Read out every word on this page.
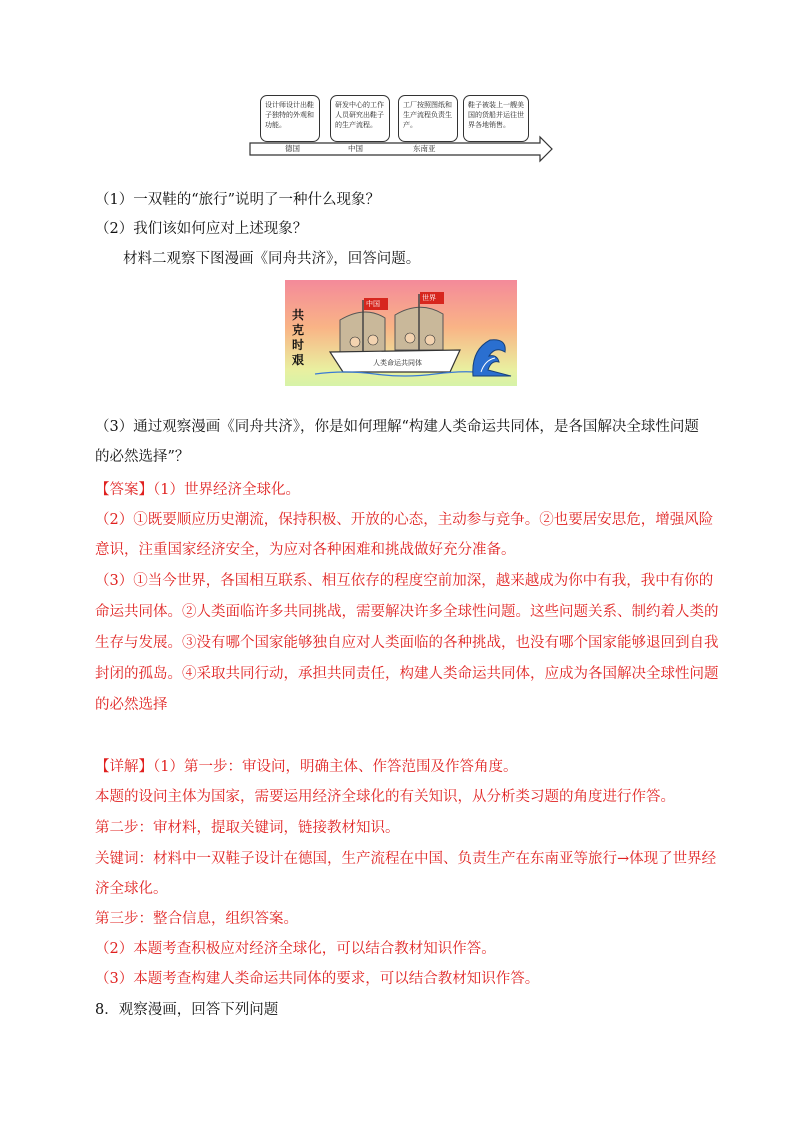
设计师设计出鞋子独特的外观和功能。
研发中心的工作人员研究出鞋子的生产流程。
工厂按照图纸和生产流程负责生产。
鞋子被装上一艘美国的货船并运往世界各地销售。
德国	中国	东南亚
（1）一双鞋的“旅行”说明了一种什么现象？
（2）我们该如何应对上述现象？
材料二观察下图漫画《同舟共济》，回答问题。
共
克
时
艰
中国
世界
人类命运共同体
（3）通过观察漫画《同舟共济》，你是如何理解“构建人类命运共同体，是各国解决全球性问题
的必然选择”？
【答案】（1）世界经济全球化。
（2）①既要顺应历史潮流，保持积极、开放的心态，主动参与竞争。②也要居安思危，增强风险
意识，注重国家经济安全，为应对各种困难和挑战做好充分准备。
（3）①当今世界，各国相互联系、相互依存的程度空前加深，越来越成为你中有我，我中有你的
命运共同体。②人类面临许多共同挑战，需要解决许多全球性问题。这些问题关系、制约着人类的
生存与发展。③没有哪个国家能够独自应对人类面临的各种挑战，也没有哪个国家能够退回到自我
封闭的孤岛。④采取共同行动，承担共同责任，构建人类命运共同体，应成为各国解决全球性问题
的必然选择
【详解】（1）第一步：审设问，明确主体、作答范围及作答角度。
本题的设问主体为国家，需要运用经济全球化的有关知识，从分析类习题的角度进行作答。
第二步：审材料，提取关键词，链接教材知识。
关键词：材料中一双鞋子设计在德国，生产流程在中国、负责生产在东南亚等旅行→体现了世界经
济全球化。
第三步：整合信息，组织答案。
（2）本题考查积极应对经济全球化，可以结合教材知识作答。
（3）本题考查构建人类命运共同体的要求，可以结合教材知识作答。
8．观察漫画，回答下列问题
